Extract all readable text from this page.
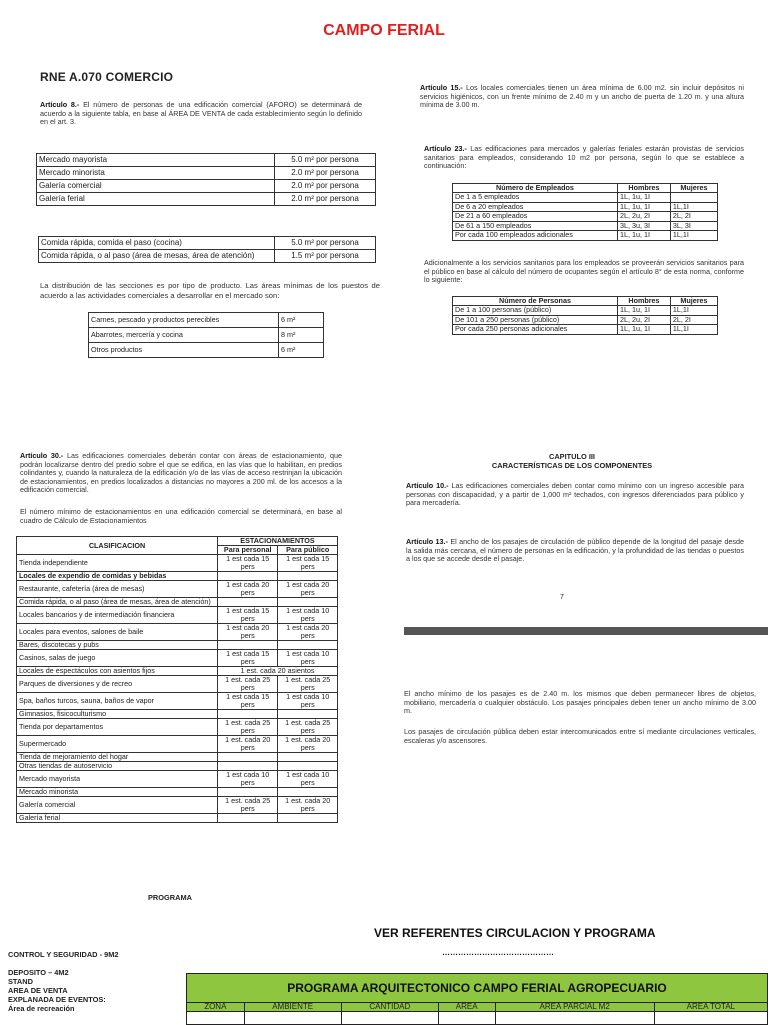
CAMPO FERIAL
RNE A.070 COMERCIO
Artículo 8.- El número de personas de una edificación comercial (AFORO) se determinará de acuerdo a la siguiente tabla, en base al ÁREA DE VENTA de cada establecimiento según lo definido en el art. 3.
Mercado mayorista	5.0 m² por persona
Mercado minorista	2.0 m² por persona
Galería comercial	2.0 m² por persona
Galería ferial	2.0 m² por persona
Comida rápida, comida el paso (cocina)	5.0 m² por persona
Comida rápida, o al paso (área de mesas, área de atención)	1.5 m² por persona
La distribución de las secciones es por tipo de producto. Las áreas mínimas de los puestos de acuerdo a las actividades comerciales a desarrollar en el mercado son:
Carnes, pescado y productos perecibles	6 m²
Abarrotes, mercería y cocina	8 m²
Otros productos	6 m²
Artículo 15.- Los locales comerciales tienen un área mínima de 6.00 m2. sin incluir depósitos ni servicios higiénicos, con un frente mínimo de 2.40 m y un ancho de puerta de 1.20 m. y una altura mínima de 3.00 m.
Artículo 23.- Las edificaciones para mercados y galerías feriales estarán provistas de servicios sanitarios para empleados, considerando 10 m2 por persona, según lo que se establece a continuación:
Número de Empleados	Hombres	Mujeres
De 1 a 5 empleados	1L, 1u, 1I	
De 6 a 20 empleados	1L, 1u, 1I	1L,1I
De 21 a 60 empleados	2L, 2u, 2I	2L, 2I
De 61 a 150 empleados	3L, 3u, 3I	3L, 3I
Por cada 100 empleados adicionales	1L, 1u, 1I	1L,1I
Adicionalmente a los servicios sanitarios para los empleados se proveerán servicios sanitarios para el público en base al cálculo del número de ocupantes según el artículo 8° de esta norma, conforme lo siguiente:
Número de Personas	Hombres	Mujeres
De 1 a 100 personas (público)	1L, 1u, 1I	1L,1I
De 101 a 250 personas (público)	2L, 2u, 2I	2L, 2I
Por cada 250 personas adicionales	1L, 1u, 1I	1L,1I
Artículo 30.- Las edificaciones comerciales deberán contar con áreas de estacionamiento, que podrán localizarse dentro del predio sobre el que se edifica, en las vías que lo habilitan, en predios colindantes y, cuando la naturaleza de la edificación y/o de las vías de acceso restrinjan la ubicación de estacionamientos, en predios localizados a distancias no mayores a 200 ml. de los accesos a la edificación comercial.
El número mínimo de estacionamientos en una edificación comercial se determinará, en base al cuadro de Cálculo de Estacionamientos
CLASIFICACION	ESTACIONAMIENTOS	
	Para personal	Para público
Tienda independiente	1 est cada 15 pers	1 est cada 15 pers
Locales de expendio de comidas y bebidas		
Restaurante, cafetería (área de mesas)	1 est cada 20 pers	1 est cada 20 pers
Comida rápida, o al paso (área de mesas, área de atención)		
Locales bancarios y de intermediación financiera	1 est cada 15 pers	1 est cada 10 pers
Locales para eventos, salones de baile	1 est cada 20 pers	1 est cada 20 pers
Bares, discotecas y pubs		
Casinos, salas de juego	1 est cada 15 pers	1 est cada 10 pers
Locales de espectáculos con asientos fijos	1 est. cada 20 asientos	
Parques de diversiones y de recreo	1 est. cada 25 pers	1 est. cada 25 pers
Spa, baños turcos, sauna, baños de vapor	1 est cada 15 pers	1 est cada 10 pers
Gimnasios, fisicoculturismo		
Tienda por departamentos	1 est. cada 25 pers	1 est. cada 25 pers
Supermercado	1 est. cada 20 pers	1 est. cada 20 pers
Tienda de mejoramiento del hogar		
Otras tiendas de autoservicio		
Mercado mayorista	1 est cada 10 pers	1 est cada 10 pers
Mercado minorista		
Galería comercial	1 est. cada 25 pers	1 est. cada 20 pers
Galería ferial		
CAPITULO III
CARACTERÍSTICAS DE LOS COMPONENTES
Artículo 10.- Las edificaciones comerciales deben contar como mínimo con un ingreso accesible para personas con discapacidad, y a partir de 1,000 m² techados, con ingresos diferenciados para público y para mercadería.
Artículo 13.- El ancho de los pasajes de circulación de público depende de la longitud del pasaje desde la salida más cercana, el número de personas en la edificación, y la profundidad de las tiendas o puestos a los que se accede desde el pasaje.
7
El ancho mínimo de los pasajes es de 2.40 m. los mismos que deben permanecer libres de objetos, mobiliario, mercadería o cualquier obstáculo. Los pasajes principales deben tener un ancho mínimo de 3.00 m.
Los pasajes de circulación pública deben estar intercomunicados entre sí mediante circulaciones verticales, escaleras y/o ascensores.
PROGRAMA
VER REFERENTES CIRCULACION Y PROGRAMA
……………………………………
CONTROL Y SEGURIDAD - 9M2
DEPOSITO – 4M2
STAND
AREA DE VENTA
EXPLANADA DE EVENTOS:
Área de recreación
PROGRAMA ARQUITECTONICO CAMPO FERIAL AGROPECUARIO					
ZONA	AMBIENTE	CANTIDAD	AREA	AREA PARCIAL M2	AREA TOTAL
